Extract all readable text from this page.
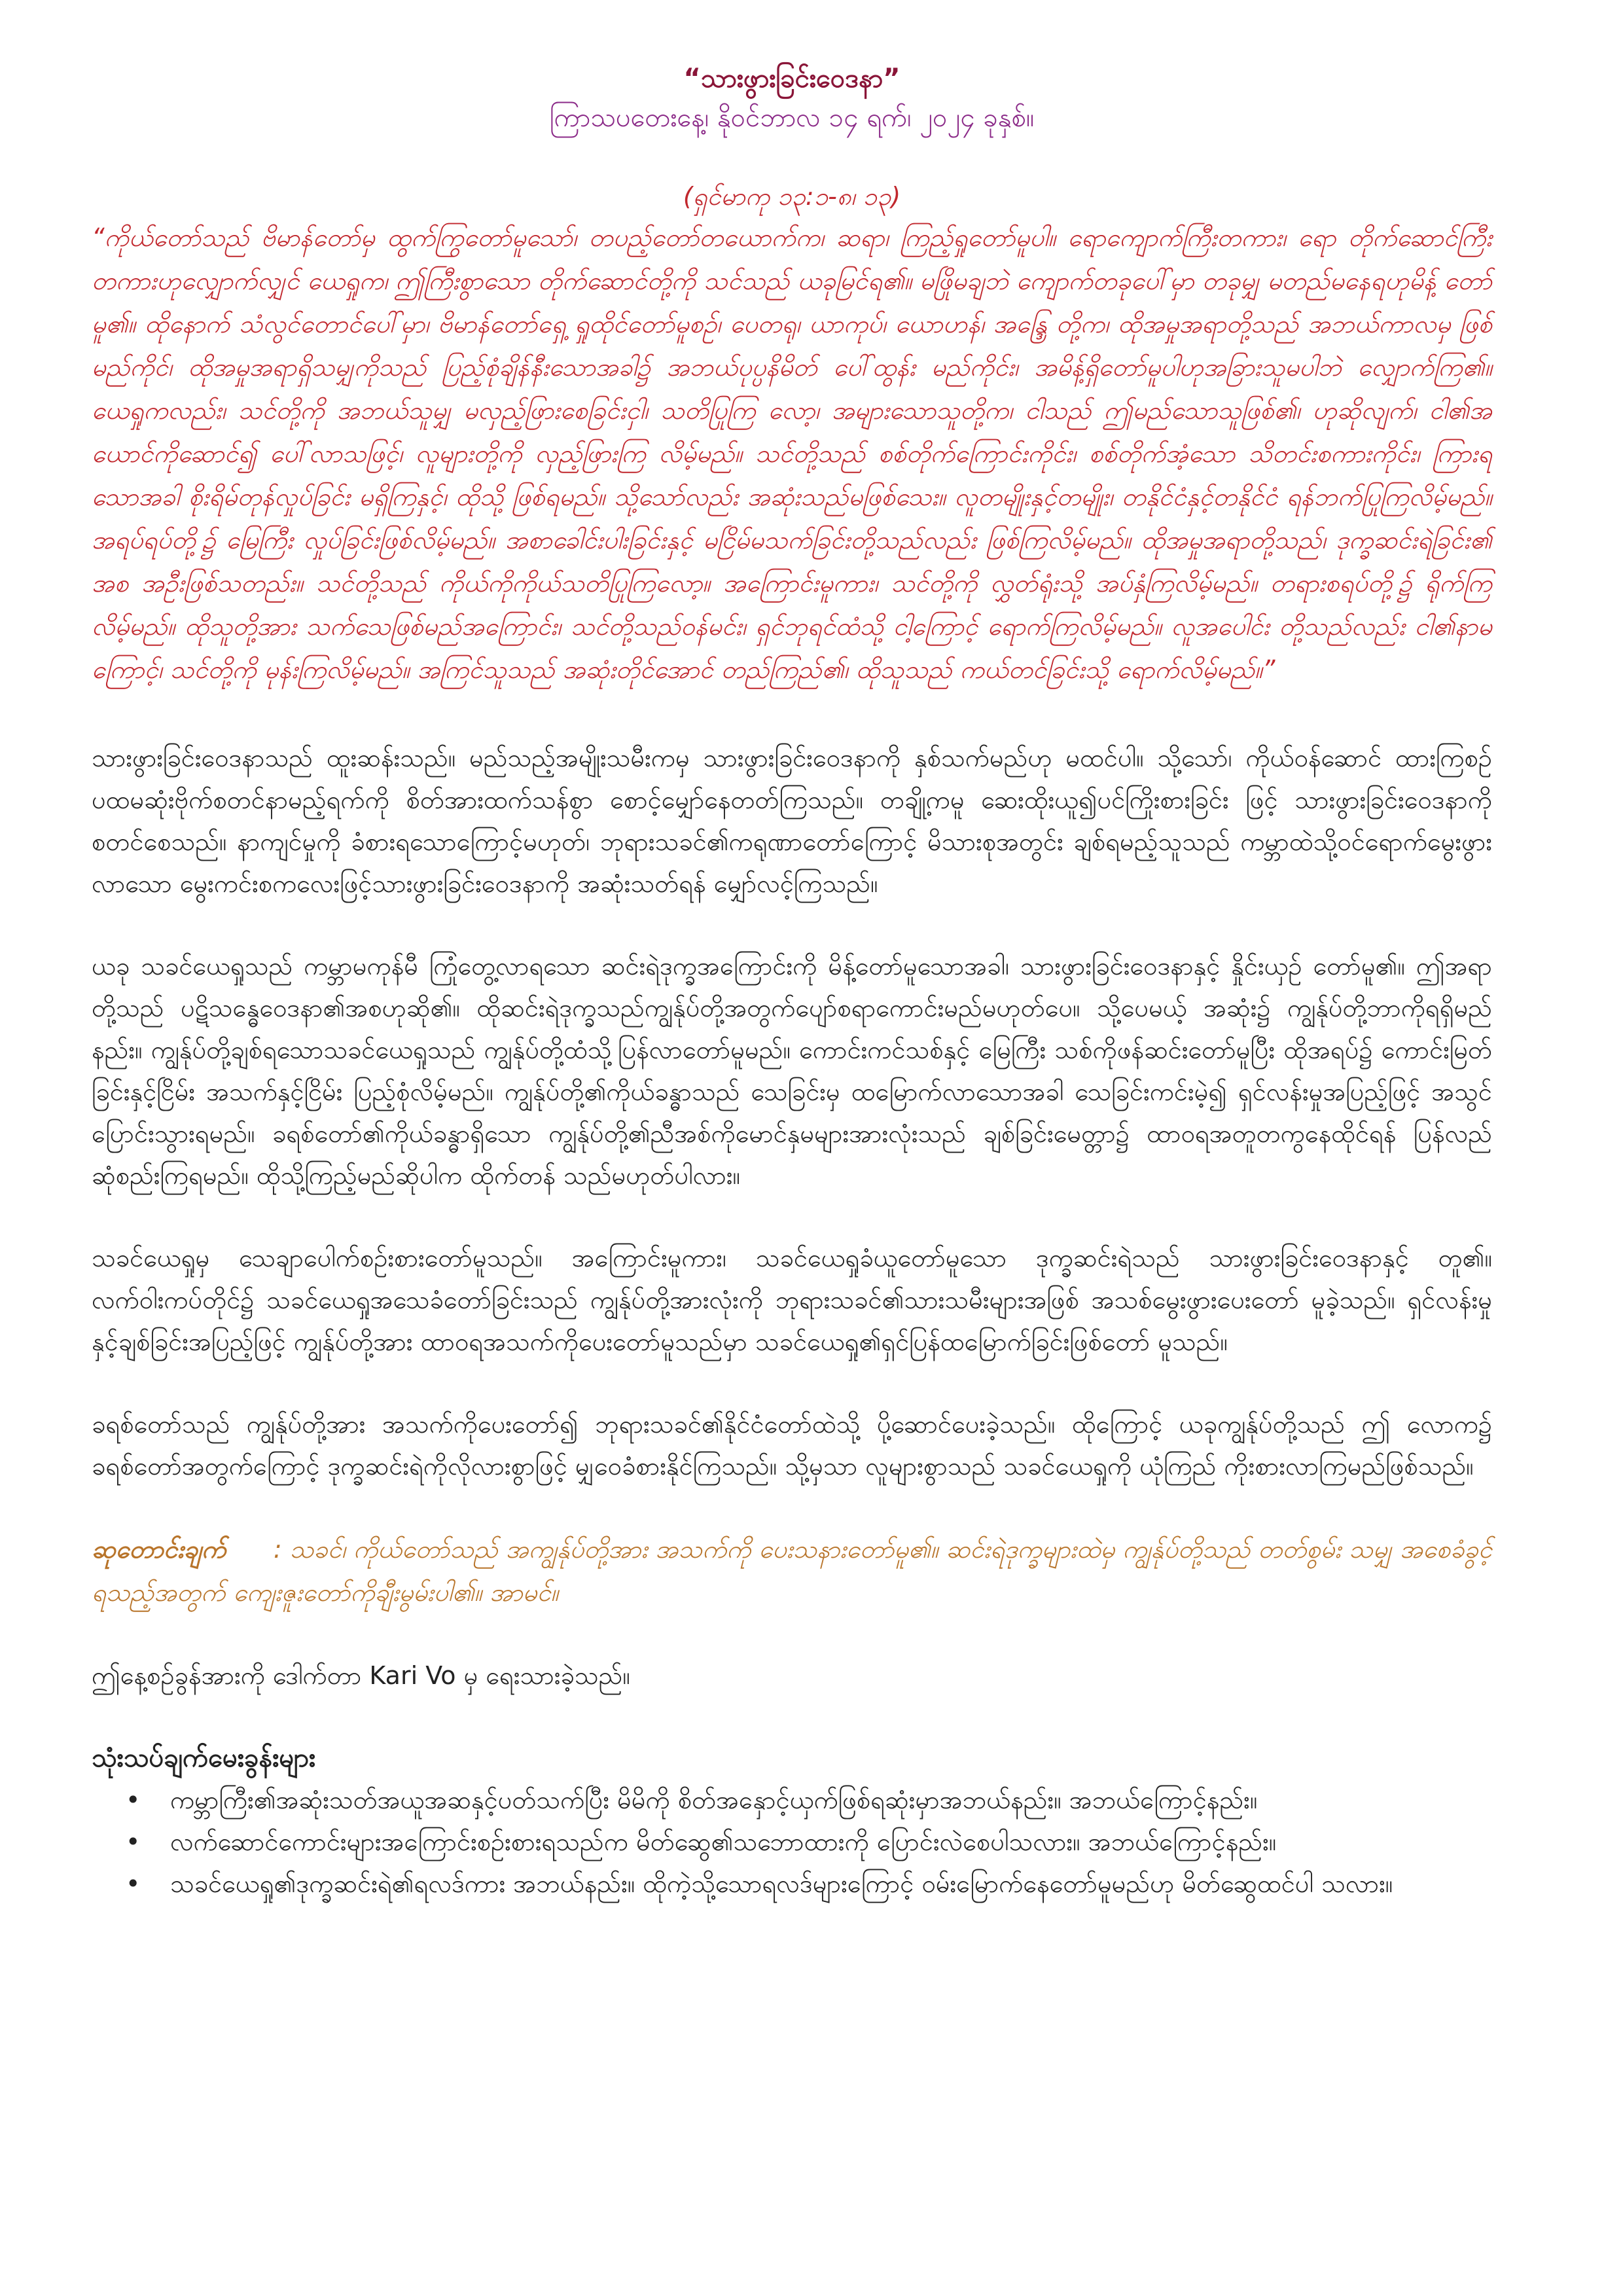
“သားဖွားခြင်းဝေဒနာ”
ကြာသပတေးနေ့၊ နိုဝင်ဘာလ ၁၄ ရက်၊ ၂၀၂၄ ခုနှစ်။
(ရှင်မာကု ၁၃:၁-၈၊ ၁၃)

“ကိုယ်တော်သည် ဗိမာန်တော်မှ ထွက်ကြွတော်မူသော်၊ တပည့်တော်တယောက်က၊ ဆရာ၊ ကြည့်ရှုတော်မူပါ။ ရောကျောက်ကြီးတကား၊ ရော တိုက်ဆောင်ကြီးတကားဟုလျှောက်လျှင် ယေရှုက၊ ဤကြီးစွာသော တိုက်ဆောင်တို့ကို သင်သည် ယခုမြင်ရ၏။ မဖြိုမချဘဲ ကျောက်တခုပေါ်မှာ တခုမျှ မတည်မနေရဟုမိန့် တော်မူ၏။ ထိုနောက် သံလွင်တောင်ပေါ်မှာ၊ ဗိမာန်တော်ရှေ့ ရှုထိုင်တော်မူစဉ်၊ ပေတရု၊ ယာကုပ်၊ ယောဟန်၊ အန္ဒြေ တို့က၊ ထိုအမှုအရာတို့သည် အဘယ်ကာလမှ ဖြစ်မည်ကိုင်၊ ထိုအမှုအရာရှိသမျှကိုသည် ပြည့်စုံချိန်နီးသောအခါ၌ အဘယ်ပုပ္ပနိမိတ် ပေါ်ထွန်း မည်ကိုင်း၊ အမိန့်ရှိတော်မူပါဟုအခြားသူမပါဘဲ လျှောက်ကြ၏။ ယေရှုကလည်း၊ သင်တို့ကို အဘယ်သူမျှ မလှည့်ဖြားစေခြင်းငှါ၊ သတိပြုကြ လော့၊ အများသောသူတို့က၊ ငါသည် ဤမည်သောသူဖြစ်၏၊ ဟုဆိုလျက်၊ ငါ၏အယောင်ကိုဆောင်၍ ပေါ်လာသဖြင့်၊ လူများတို့ကို လှည့်ဖြားကြ လိမ့်မည်။ သင်တို့သည် စစ်တိုက်ကြောင်းကိုင်း၊ စစ်တိုက်အံ့သော သိတင်းစကားကိုင်း၊ ကြားရသောအခါ စိုးရိမ်တုန်လှုပ်ခြင်း မရှိကြနှင့်၊ ထိုသို့ ဖြစ်ရမည်။ သို့သော်လည်း အဆုံးသည်မဖြစ်သေး။ လူတမျိုးနှင့်တမျိုး၊ တနိုင်ငံနှင့်တနိုင်ငံ ရန်ဘက်ပြုကြလိမ့်မည်။ အရပ်ရပ်တို့၌ မြေကြီး လှုပ်ခြင်းဖြစ်လိမ့်မည်။ အစာခေါင်းပါးခြင်းနှင့် မငြိမ်မသက်ခြင်းတို့သည်လည်း ဖြစ်ကြလိမ့်မည်။ ထိုအမှုအရာတို့သည်၊ ဒုက္ခဆင်းရဲခြင်း၏ အစ အဦးဖြစ်သတည်း။ သင်တို့သည် ကိုယ်ကိုကိုယ်သတိပြုကြလော့။ အကြောင်းမူကား၊ သင်တို့ကို လွှတ်ရုံးသို့ အပ်နှံကြလိမ့်မည်။ တရားစရပ်တို့၌ ရိုက်ကြလိမ့်မည်။ ထိုသူတို့အား သက်သေဖြစ်မည်အကြောင်း၊ သင်တို့သည်ဝန်မင်း၊ ရှင်ဘုရင်ထံသို့ ငါ့ကြောင့် ရောက်ကြလိမ့်မည်။ လူအပေါင်း တို့သည်လည်း ငါ၏နာမကြောင့်၊ သင်တို့ကို မုန်းကြလိမ့်မည်။ အကြင်သူသည် အဆုံးတိုင်အောင် တည်ကြည်၏၊ ထိုသူသည် ကယ်တင်ခြင်းသို့ ရောက်လိမ့်မည်။”

သားဖွားခြင်းဝေဒနာသည် ထူးဆန်းသည်။ မည်သည့်အမျိုးသမီးကမှ သားဖွားခြင်းဝေဒနာကို နှစ်သက်မည်ဟု မထင်ပါ။ သို့သော်၊ ကိုယ်ဝန်ဆောင် ထားကြစဉ် ပထမဆုံးဗိုက်စတင်နာမည့်ရက်ကို စိတ်အားထက်သန်စွာ စောင့်မျှော်နေတတ်ကြသည်။ တချို့ကမူ ဆေးထိုးယူ၍ပင်ကြိုးစားခြင်း ဖြင့် သားဖွားခြင်းဝေဒနာကို စတင်စေသည်။ နာကျင်မှုကို ခံစားရသောကြောင့်မဟုတ်၊ ဘုရားသခင်၏ကရုဏာတော်ကြောင့် မိသားစုအတွင်း ချစ်ရမည့်သူသည် ကမ္ဘာထဲသို့ဝင်ရောက်မွေးဖွားလာသော မွေးကင်းစကလေးဖြင့်သားဖွားခြင်းဝေဒနာကို အဆုံးသတ်ရန် မျှော်လင့်ကြသည်။

ယခု သခင်ယေရှုသည် ကမ္ဘာမကုန်မီ ကြုံတွေ့လာရသော ဆင်းရဲဒုက္ခအကြောင်းကို မိန့်တော်မူသောအခါ၊ သားဖွားခြင်းဝေဒနာနှင့် နှိုင်းယှဉ် တော်မူ၏။ ဤအရာတို့သည် ပဋိသန္ဓေဝေဒနာ၏အစဟုဆို၏။ ထိုဆင်းရဲဒုက္ခသည်ကျွန်ုပ်တို့အတွက်ပျော်စရာကောင်းမည်မဟုတ်ပေ။ သို့ပေမယ့် အဆုံး၌ ကျွန်ုပ်တို့ဘာကိုရရှိမည်နည်း။ ကျွန်ုပ်တို့ချစ်ရသောသခင်ယေရှုသည် ကျွန်ုပ်တို့ထံသို့ပြန်လာတော်မူမည်။ ကောင်းကင်သစ်နှင့် မြေကြီး သစ်ကိုဖန်ဆင်းတော်မူပြီး ထိုအရပ်၌ ကောင်းမြတ်ခြင်းနှင့်ငြိမ်း အသက်နှင့်ငြိမ်း ပြည့်စုံလိမ့်မည်။ ကျွန်ုပ်တို့၏ကိုယ်ခန္ဓာသည် သေခြင်းမှ ထမြောက်လာသောအခါ သေခြင်းကင်းမဲ့၍ ရှင်လန်းမှုအပြည့်ဖြင့် အသွင်ပြောင်းသွားရမည်။ ခရစ်တော်၏ကိုယ်ခန္ဓာရှိသော ကျွန်ုပ်တို့၏ညီအစ်ကိုမောင်နှမများအားလုံးသည် ချစ်ခြင်းမေတ္တာ၌ ထာဝရအတူတကွနေထိုင်ရန် ပြန်လည်ဆုံစည်းကြရမည်။ ထိုသို့ကြည့်မည်ဆိုပါက ထိုက်တန် သည်မဟုတ်ပါလား။

သခင်ယေရှုမှ သေချာပေါက်စဉ်းစားတော်မူသည်။ အကြောင်းမူကား၊ သခင်ယေရှုခံယူတော်မူသော ဒုက္ခဆင်းရဲသည် သားဖွားခြင်းဝေဒနာနှင့် တူ၏။ လက်ဝါးကပ်တိုင်၌ သခင်ယေရှုအသေခံတော်ခြင်းသည် ကျွန်ုပ်တို့အားလုံးကို ဘုရားသခင်၏သားသမီးများအဖြစ် အသစ်မွေးဖွားပေးတော် မူခဲ့သည်။ ရှင်လန်းမှုနှင့်ချစ်ခြင်းအပြည့်ဖြင့် ကျွန်ုပ်တို့အား ထာဝရအသက်ကိုပေးတော်မူသည်မှာ သခင်ယေရှု၏ရှင်ပြန်ထမြောက်ခြင်းဖြစ်တော် မူသည်။

ခရစ်တော်သည် ကျွန်ုပ်တို့အား အသက်ကိုပေးတော်၍ ဘုရားသခင်၏နိုင်ငံတော်ထဲသို့ ပို့ဆောင်ပေးခဲ့သည်။ ထိုကြောင့် ယခုကျွန်ုပ်တို့သည် ဤ လောက၌ ခရစ်တော်အတွက်ကြောင့် ဒုက္ခဆင်းရဲကိုလိုလားစွာဖြင့် မျှဝေခံစားနိုင်ကြသည်။ သို့မှသာ လူများစွာသည် သခင်ယေရှုကို ယုံကြည် ကိုးစားလာကြမည်ဖြစ်သည်။

ဆုတောင်းချက် : သခင်၊ ကိုယ်တော်သည် အကျွန်ုပ်တို့အား အသက်ကို ပေးသနားတော်မူ၏။ ဆင်းရဲဒုက္ခများထဲမှ ကျွန်ုပ်တို့သည် တတ်စွမ်း သမျှ အစေခံခွင့်ရသည့်အတွက် ကျေးဇူးတော်ကိုချီးမွမ်းပါ၏။ အာမင်။

ဤနေ့စဉ်ခွန်အားကို ဒေါက်တာ Kari Vo မှ ရေးသားခဲ့သည်။

သုံးသပ်ချက်မေးခွန်းများ
• ကမ္ဘာကြီး၏အဆုံးသတ်အယူအဆနှင့်ပတ်သက်ပြီး မိမိကို စိတ်အနှောင့်ယှက်ဖြစ်ရဆုံးမှာအဘယ်နည်း။ အဘယ်ကြောင့်နည်း။
• လက်ဆောင်ကောင်းများအကြောင်းစဉ်းစားရသည်က မိတ်ဆွေ၏သဘောထားကို ပြောင်းလဲစေပါသလား။ အဘယ်ကြောင့်နည်း။
• သခင်ယေရှု၏ဒုက္ခဆင်းရဲ၏ရလဒ်ကား အဘယ်နည်း။ ထိုကဲ့သို့သောရလဒ်များကြောင့် ဝမ်းမြောက်နေတော်မူမည်ဟု မိတ်ဆွေထင်ပါ သလား။
